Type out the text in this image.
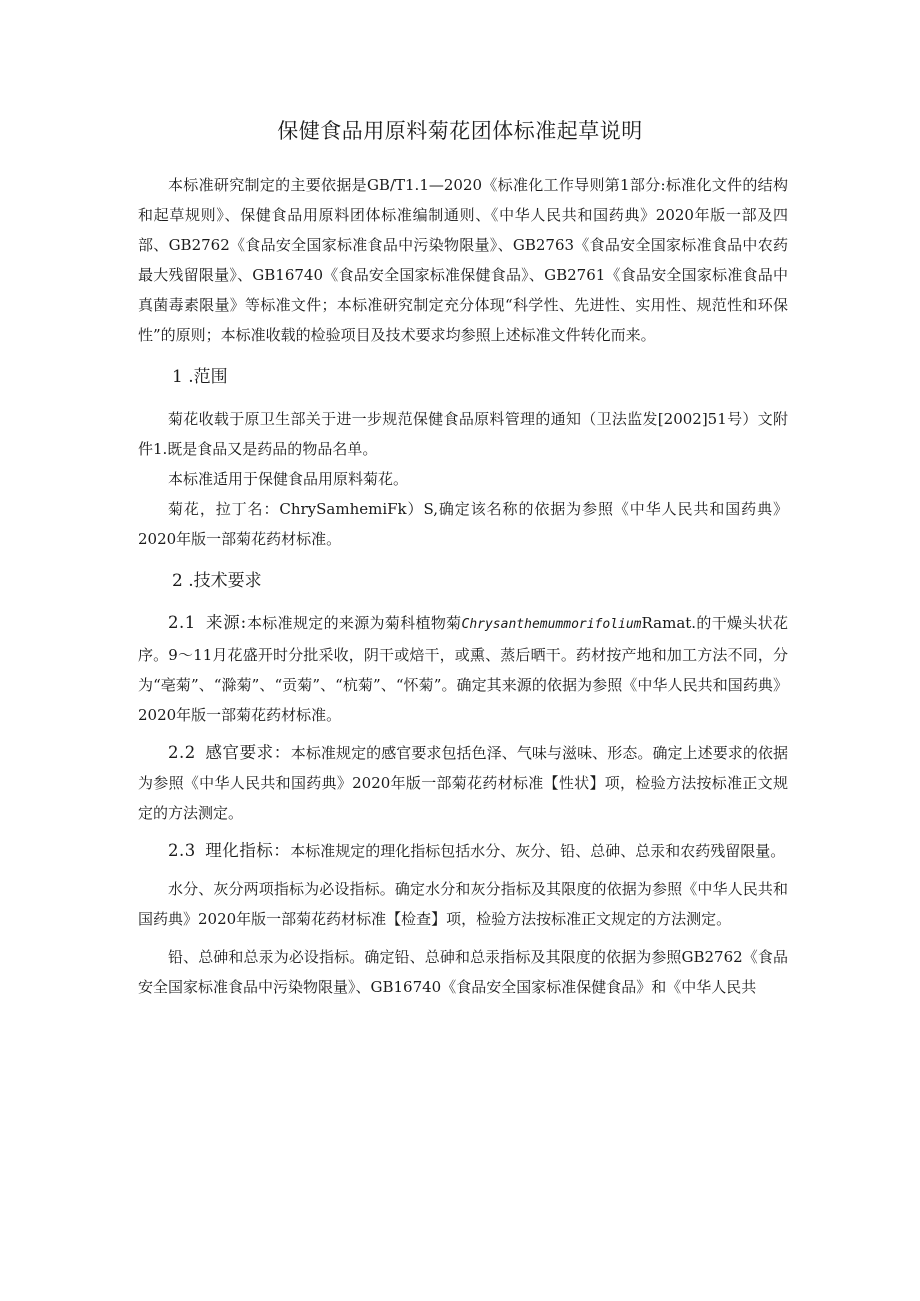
保健食品用原料菊花团体标准起草说明

本标准研究制定的主要依据是GB/T1.1—2020《标准化工作导则第1部分:标准化文件的结构和起草规则》、保健食品用原料团体标准编制通则、《中华人民共和国药典》2020年版一部及四部、GB2762《食品安全国家标准食品中污染物限量》、GB2763《食品安全国家标准食品中农药最大残留限量》、GB16740《食品安全国家标准保健食品》、GB2761《食品安全国家标准食品中真菌毒素限量》等标准文件；本标准研究制定充分体现“科学性、先进性、实用性、规范性和环保性”的原则；本标准收载的检验项目及技术要求均参照上述标准文件转化而来。

1 .范围

菊花收载于原卫生部关于进一步规范保健食品原料管理的通知（卫法监发[2002]51号）文附件1.既是食品又是药品的物品名单。

本标准适用于保健食品用原料菊花。

菊花，拉丁名：ChrySamhemiFk）S,确定该名称的依据为参照《中华人民共和国药典》2020年版一部菊花药材标准。

2 .技术要求

2.1 来源:本标准规定的来源为菊科植物菊ChrysanthemummorifoliumRamat.的干燥头状花序。9～11月花盛开时分批采收，阴干或焙干，或熏、蒸后晒干。药材按产地和加工方法不同，分为“亳菊”、“滁菊”、“贡菊”、“杭菊”、“怀菊”。确定其来源的依据为参照《中华人民共和国药典》2020年版一部菊花药材标准。

2.2 感官要求：本标准规定的感官要求包括色泽、气味与滋味、形态。确定上述要求的依据为参照《中华人民共和国药典》2020年版一部菊花药材标准【性状】项，检验方法按标准正文规定的方法测定。

2.3 理化指标：本标准规定的理化指标包括水分、灰分、铅、总砷、总汞和农药残留限量。

水分、灰分两项指标为必设指标。确定水分和灰分指标及其限度的依据为参照《中华人民共和国药典》2020年版一部菊花药材标准【检查】项，检验方法按标准正文规定的方法测定。

铅、总砷和总汞为必设指标。确定铅、总砷和总汞指标及其限度的依据为参照GB2762《食品安全国家标准食品中污染物限量》、GB16740《食品安全国家标准保健食品》和《中华人民共
